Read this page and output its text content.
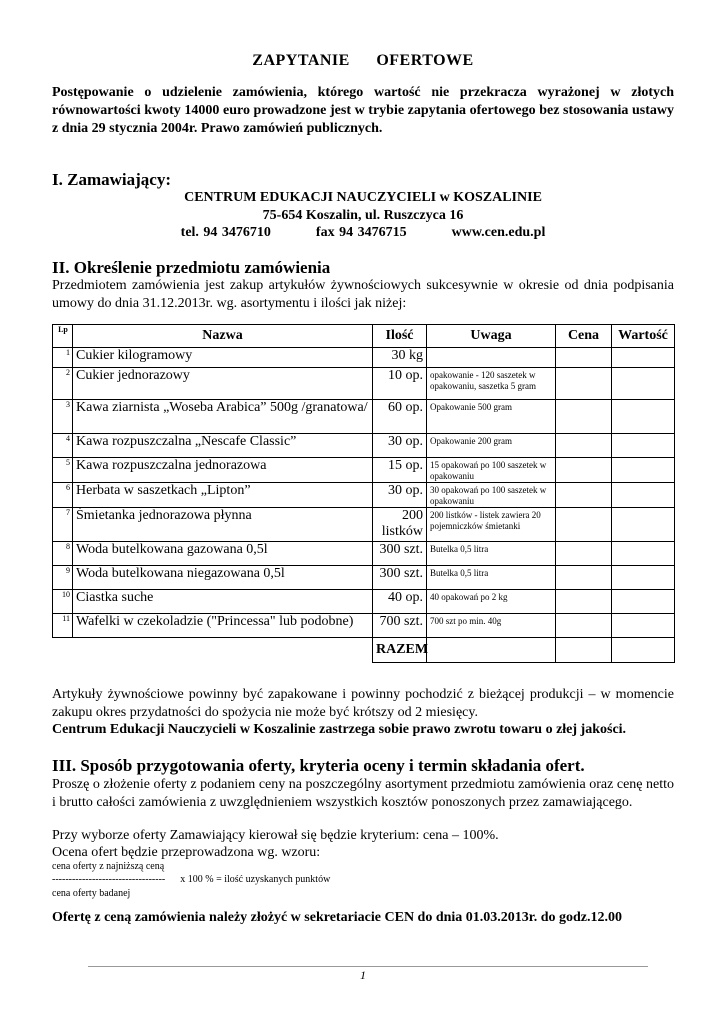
ZAPYTANIE OFERTOWE
Postępowanie o udzielenie zamówienia, którego wartość nie przekracza wyrażonej w złotych równowartości kwoty 14000 euro prowadzone jest w trybie zapytania ofertowego bez stosowania ustawy z dnia 29 stycznia 2004r. Prawo zamówień publicznych.
I. Zamawiający:
CENTRUM EDUKACJI NAUCZYCIELI w KOSZALINIE
75-654 Koszalin, ul. Ruszczyca 16
tel. 94 3476710	fax 94 3476715	www.cen.edu.pl
II. Określenie przedmiotu zamówienia
Przedmiotem zamówienia jest zakup artykułów żywnościowych sukcesywnie w okresie od dnia podpisania umowy do dnia 31.12.2013r. wg. asortymentu i ilości jak niżej:
Lp	Nazwa	Ilość	Uwaga	Cena	Wartość
1	Cukier kilogramowy	30 kg			
2	Cukier jednorazowy	10 op.	opakowanie - 120 saszetek w opakowaniu, saszetka 5 gram		
3	Kawa ziarnista „Woseba Arabica” 500g /granatowa/	60 op.	Opakowanie 500 gram		
4	Kawa rozpuszczalna „Nescafe Classic”	30 op.	Opakowanie 200 gram		
5	Kawa rozpuszczalna jednorazowa	15 op.	15 opakowań po 100 saszetek w opakowaniu		
6	Herbata w saszetkach „Lipton”	30 op.	30 opakowań po 100 saszetek w opakowaniu		
7	Śmietanka jednorazowa płynna	200 listków	200 listków - listek zawiera 20 pojemniczków śmietanki		
8	Woda butelkowana gazowana 0,5l	300 szt.	Butelka 0,5 litra		
9	Woda butelkowana niegazowana 0,5l	300 szt.	Butelka 0,5 litra		
10	Ciastka suche	40 op.	40 opakowań po 2 kg		
11	Wafelki w czekoladzie ("Princessa" lub podobne)	700 szt.	700 szt po min. 40g		
		RAZEM			
Artykuły żywnościowe powinny być zapakowane i powinny pochodzić z bieżącej produkcji – w momencie zakupu okres przydatności do spożycia nie może być krótszy od 2 miesięcy.
Centrum Edukacji Nauczycieli w Koszalinie zastrzega sobie prawo zwrotu towaru o złej jakości.
III. Sposób przygotowania oferty, kryteria oceny i termin składania ofert.
Proszę o złożenie oferty z podaniem ceny na poszczególny asortyment przedmiotu zamówienia oraz cenę netto i brutto całości zamówienia z uwzględnieniem wszystkich kosztów ponoszonych przez zamawiającego.
Przy wyborze oferty Zamawiający kierował się będzie kryterium: cena – 100%.
Ocena ofert będzie przeprowadzona wg. wzoru:
cena oferty z najniższą ceną
---------------------------------- x 100 % = ilość uzyskanych punktów
cena oferty badanej
Ofertę z ceną zamówienia należy złożyć w sekretariacie CEN do dnia 01.03.2013r. do godz.12.00
1
